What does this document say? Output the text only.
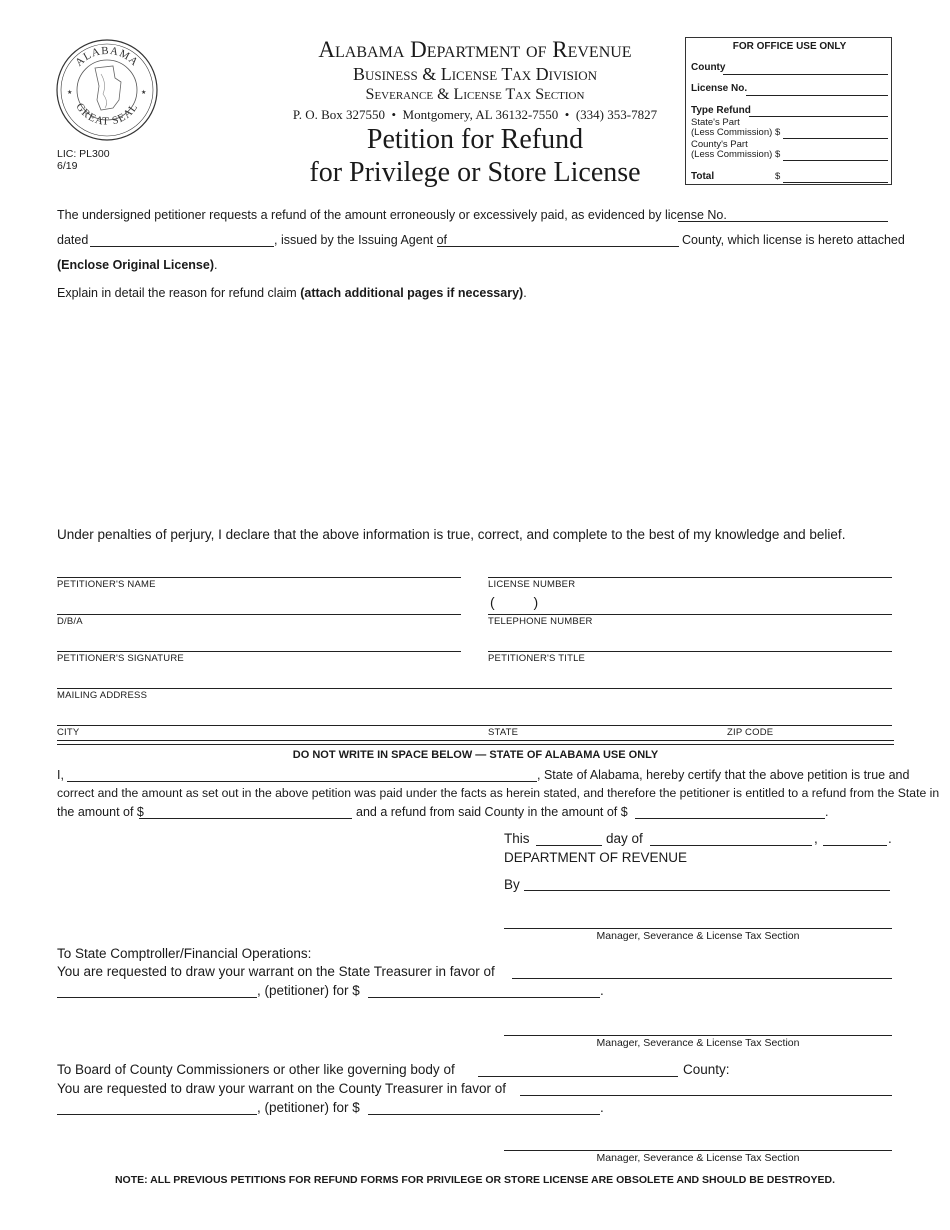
ALABAMA
GREAT SEAL
★	★
LIC: PL300
6/19
Alabama Department of Revenue
Business & License Tax Division
Severance & License Tax Section
P. O. Box 327550  •  Montgomery, AL 36132-7550  •  (334) 353-7827
Petition for Refund
for Privilege or Store License
FOR OFFICE USE ONLY
County
License No.
Type Refund
State's Part
(Less Commission) $
County's Part
(Less Commission) $
Total	$
The undersigned petitioner requests a refund of the amount erroneously or excessively paid, as evidenced by license No.
dated	, issued by the Issuing Agent of	County, which license is hereto attached
(Enclose Original License).
Explain in detail the reason for refund claim (attach additional pages if necessary).
Under penalties of perjury, I declare that the above information is true, correct, and complete to the best of my knowledge and belief.
PETITIONER'S NAME	LICENSE NUMBER
(          )
D/B/A	TELEPHONE NUMBER
PETITIONER'S SIGNATURE	PETITIONER'S TITLE
MAILING ADDRESS
CITY	STATE	ZIP CODE
DO NOT WRITE IN SPACE BELOW — STATE OF ALABAMA USE ONLY
I,	, State of Alabama, hereby certify that the above petition is true and
correct and the amount as set out in the above petition was paid under the facts as herein stated, and therefore the petitioner is entitled to a refund from the State in
the amount of $	and a refund from said County in the amount of $	.
This	day of	,	.
DEPARTMENT OF REVENUE
By
Manager, Severance & License Tax Section
To State Comptroller/Financial Operations:
You are requested to draw your warrant on the State Treasurer in favor of
, (petitioner) for $	.
Manager, Severance & License Tax Section
To Board of County Commissioners or other like governing body of	County:
You are requested to draw your warrant on the County Treasurer in favor of
, (petitioner) for $	.
Manager, Severance & License Tax Section
NOTE: ALL PREVIOUS PETITIONS FOR REFUND FORMS FOR PRIVILEGE OR STORE LICENSE ARE OBSOLETE AND SHOULD BE DESTROYED.
